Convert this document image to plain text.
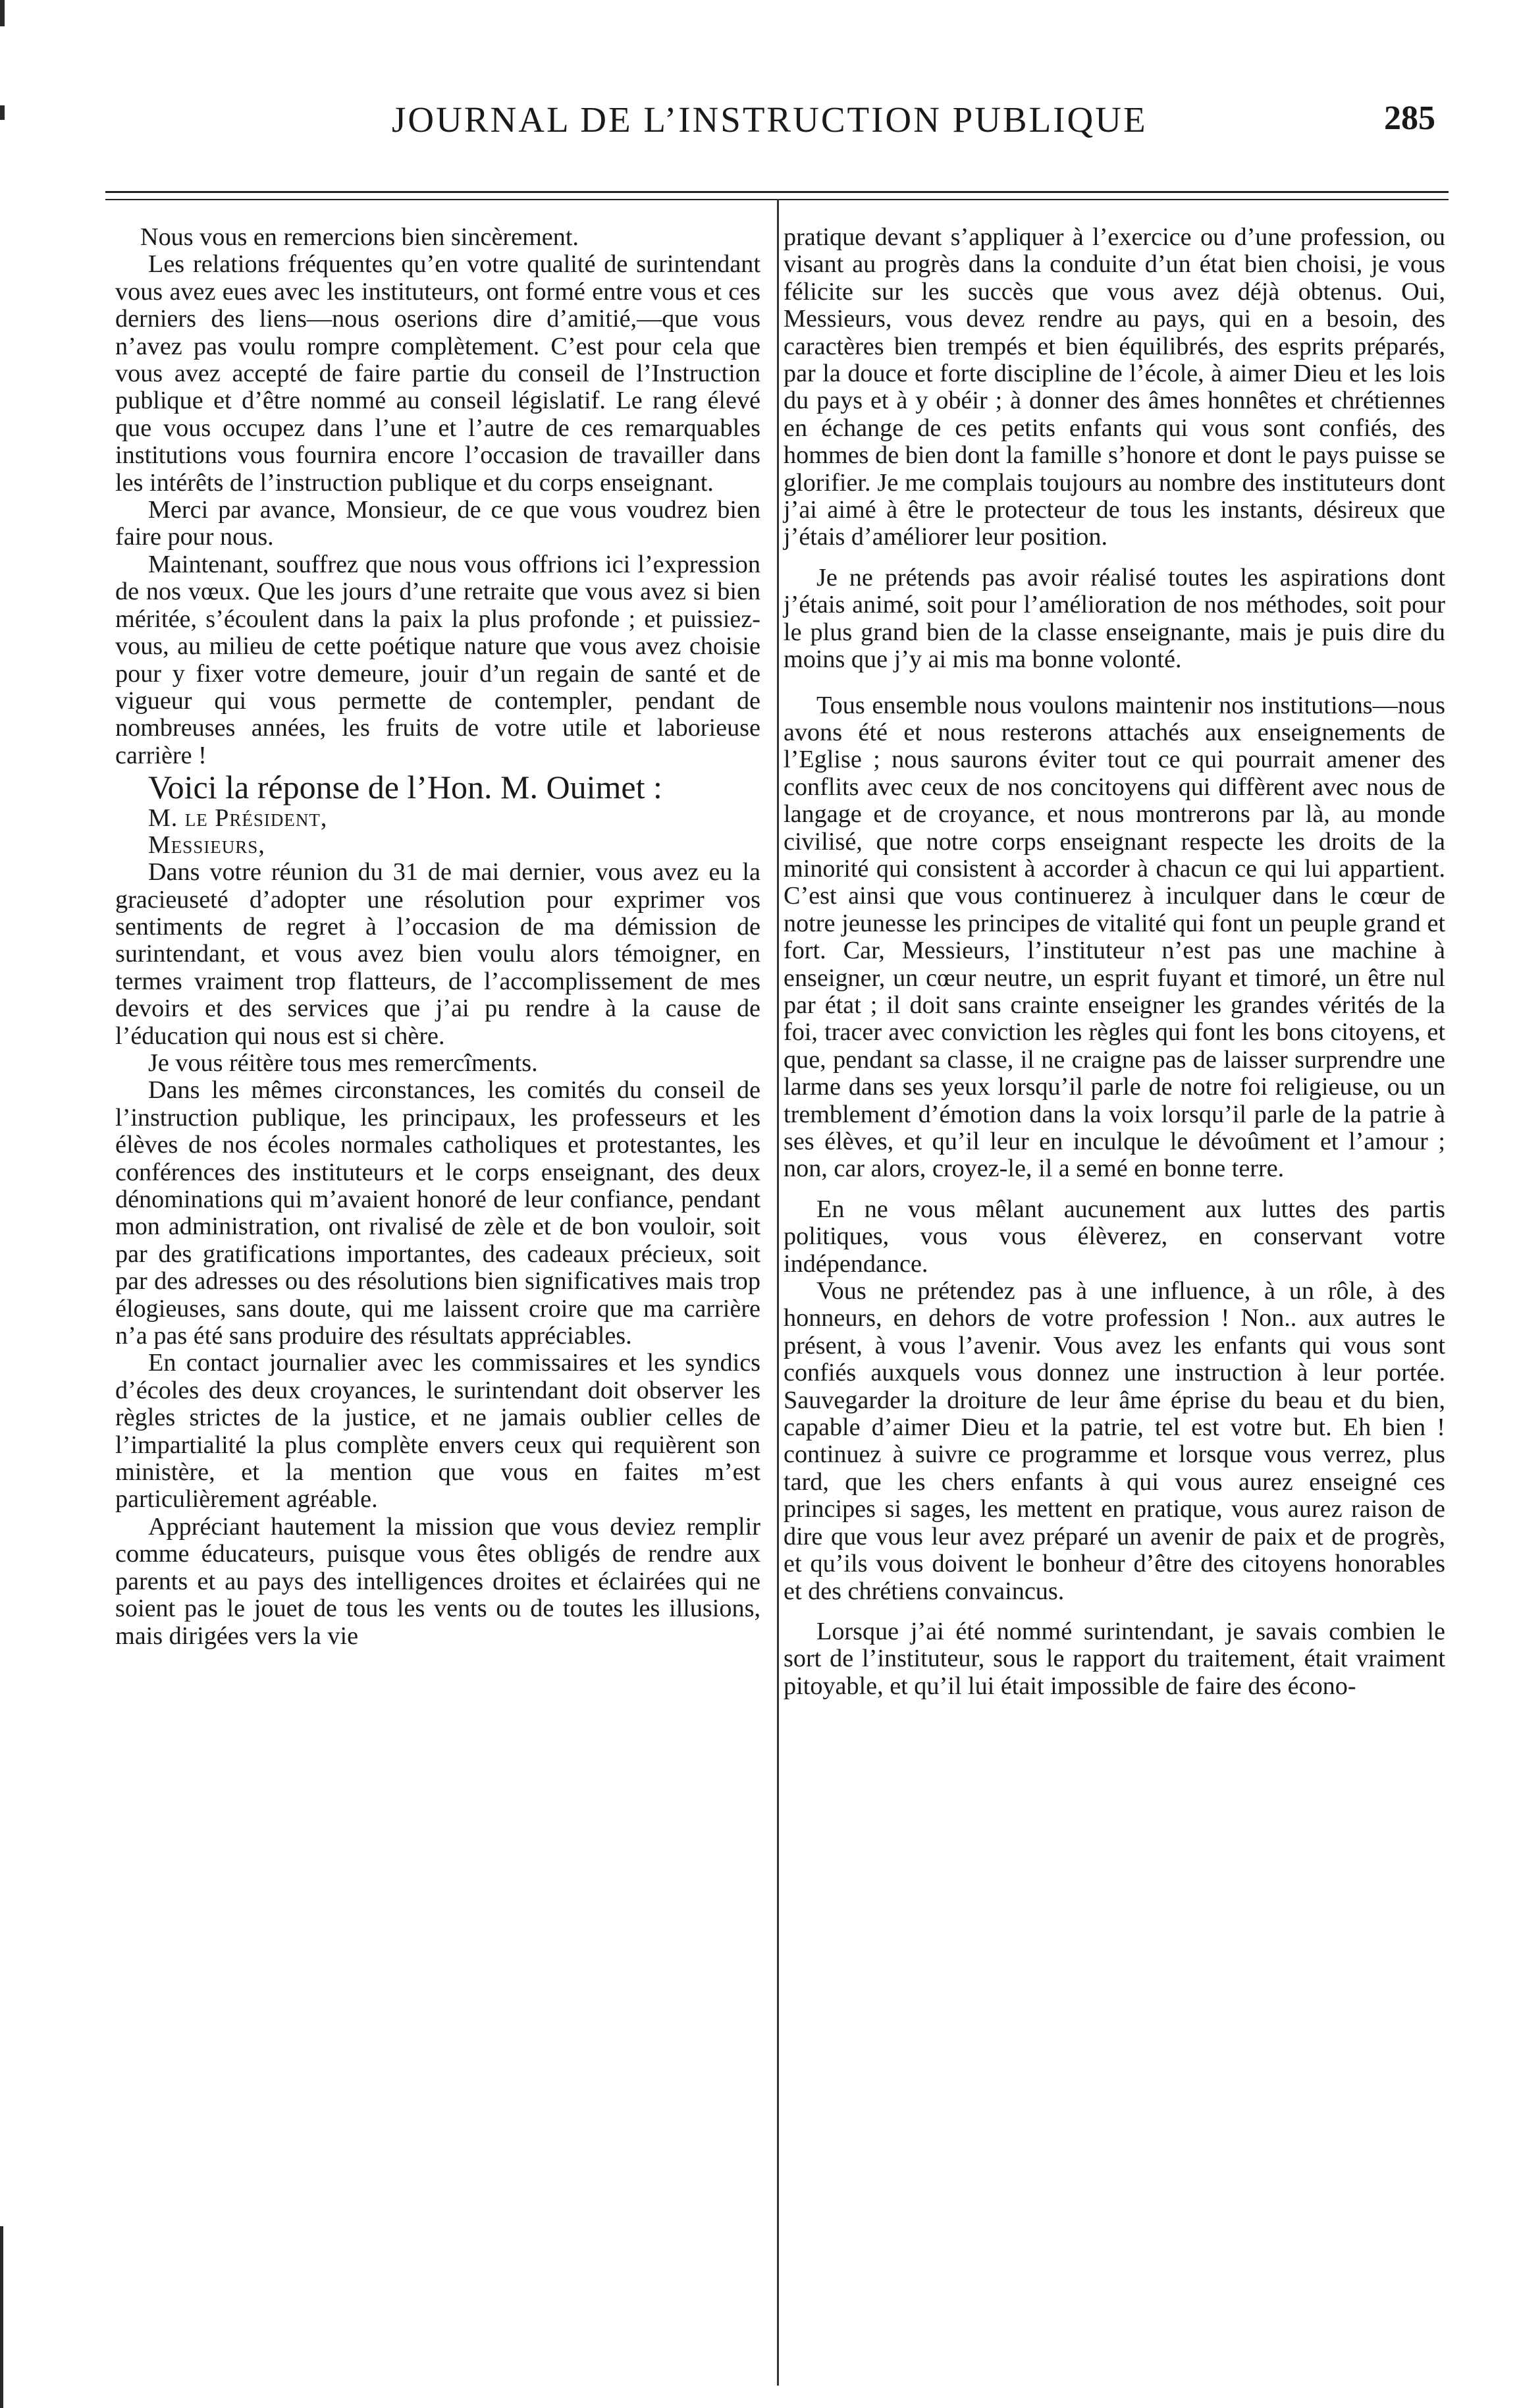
JOURNAL DE L’INSTRUCTION PUBLIQUE	285

Nous vous en remercions bien sincèrement.

Les relations fréquentes qu’en votre qualité de surintendant vous avez eues avec les instituteurs, ont formé entre vous et ces derniers des liens—nous oserions dire d’amitié,—que vous n’avez pas voulu rompre complètement. C’est pour cela que vous avez accepté de faire partie du conseil de l’Instruction publique et d’être nommé au conseil législatif. Le rang élevé que vous occupez dans l’une et l’autre de ces remarquables institutions vous fournira encore l’occasion de travailler dans les intérêts de l’instruction publique et du corps enseignant.

Merci par avance, Monsieur, de ce que vous voudrez bien faire pour nous.

Maintenant, souffrez que nous vous offrions ici l’expression de nos vœux. Que les jours d’une retraite que vous avez si bien méritée, s’écoulent dans la paix la plus profonde ; et puissiez-vous, au milieu de cette poétique nature que vous avez choisie pour y fixer votre demeure, jouir d’un regain de santé et de vigueur qui vous permette de contempler, pendant de nombreuses années, les fruits de votre utile et laborieuse carrière !

Voici la réponse de l’Hon. M. Ouimet :

M. le Président,

Messieurs,

Dans votre réunion du 31 de mai dernier, vous avez eu la gracieuseté d’adopter une résolution pour exprimer vos sentiments de regret à l’occasion de ma démission de surintendant, et vous avez bien voulu alors témoigner, en termes vraiment trop flatteurs, de l’accomplissement de mes devoirs et des services que j’ai pu rendre à la cause de l’éducation qui nous est si chère.

Je vous réitère tous mes remercîments.

Dans les mêmes circonstances, les comités du conseil de l’instruction publique, les principaux, les professeurs et les élèves de nos écoles normales catholiques et protestantes, les conférences des instituteurs et le corps enseignant, des deux dénominations qui m’avaient honoré de leur confiance, pendant mon administration, ont rivalisé de zèle et de bon vouloir, soit par des gratifications importantes, des cadeaux précieux, soit par des adresses ou des résolutions bien significatives mais trop élogieuses, sans doute, qui me laissent croire que ma carrière n’a pas été sans produire des résultats appréciables.

En contact journalier avec les commissaires et les syndics d’écoles des deux croyances, le surintendant doit observer les règles strictes de la justice, et ne jamais oublier celles de l’impartialité la plus complète envers ceux qui requièrent son ministère, et la mention que vous en faites m’est particulièrement agréable.

Appréciant hautement la mission que vous deviez remplir comme éducateurs, puisque vous êtes obligés de rendre aux parents et au pays des intelligences droites et éclairées qui ne soient pas le jouet de tous les vents ou de toutes les illusions, mais dirigées vers la vie

pratique devant s’appliquer à l’exercice ou d’une profession, ou visant au progrès dans la conduite d’un état bien choisi, je vous félicite sur les succès que vous avez déjà obtenus. Oui, Messieurs, vous devez rendre au pays, qui en a besoin, des caractères bien trempés et bien équilibrés, des esprits préparés, par la douce et forte discipline de l’école, à aimer Dieu et les lois du pays et à y obéir ; à donner des âmes honnêtes et chrétiennes en échange de ces petits enfants qui vous sont confiés, des hommes de bien dont la famille s’honore et dont le pays puisse se glorifier. Je me complais toujours au nombre des instituteurs dont j’ai aimé à être le protecteur de tous les instants, désireux que j’étais d’améliorer leur position.

Je ne prétends pas avoir réalisé toutes les aspirations dont j’étais animé, soit pour l’amélioration de nos méthodes, soit pour le plus grand bien de la classe enseignante, mais je puis dire du moins que j’y ai mis ma bonne volonté.

Tous ensemble nous voulons maintenir nos institutions—nous avons été et nous resterons attachés aux enseignements de l’Eglise ; nous saurons éviter tout ce qui pourrait amener des conflits avec ceux de nos concitoyens qui diffèrent avec nous de langage et de croyance, et nous montrerons par là, au monde civilisé, que notre corps enseignant respecte les droits de la minorité qui consistent à accorder à chacun ce qui lui appartient. C’est ainsi que vous continuerez à inculquer dans le cœur de notre jeunesse les principes de vitalité qui font un peuple grand et fort. Car, Messieurs, l’instituteur n’est pas une machine à enseigner, un cœur neutre, un esprit fuyant et timoré, un être nul par état ; il doit sans crainte enseigner les grandes vérités de la foi, tracer avec conviction les règles qui font les bons citoyens, et que, pendant sa classe, il ne craigne pas de laisser surprendre une larme dans ses yeux lorsqu’il parle de notre foi religieuse, ou un tremblement d’émotion dans la voix lorsqu’il parle de la patrie à ses élèves, et qu’il leur en inculque le dévoûment et l’amour ; non, car alors, croyez-le, il a semé en bonne terre.

En ne vous mêlant aucunement aux luttes des partis politiques, vous vous élèverez, en conservant votre indépendance.

Vous ne prétendez pas à une influence, à un rôle, à des honneurs, en dehors de votre profession ! Non.. aux autres le présent, à vous l’avenir. Vous avez les enfants qui vous sont confiés auxquels vous donnez une instruction à leur portée. Sauvegarder la droiture de leur âme éprise du beau et du bien, capable d’aimer Dieu et la patrie, tel est votre but. Eh bien ! continuez à suivre ce programme et lorsque vous verrez, plus tard, que les chers enfants à qui vous aurez enseigné ces principes si sages, les mettent en pratique, vous aurez raison de dire que vous leur avez préparé un avenir de paix et de progrès, et qu’ils vous doivent le bonheur d’être des citoyens honorables et des chrétiens convaincus.

Lorsque j’ai été nommé surintendant, je savais combien le sort de l’instituteur, sous le rapport du traitement, était vraiment pitoyable, et qu’il lui était impossible de faire des écono-
